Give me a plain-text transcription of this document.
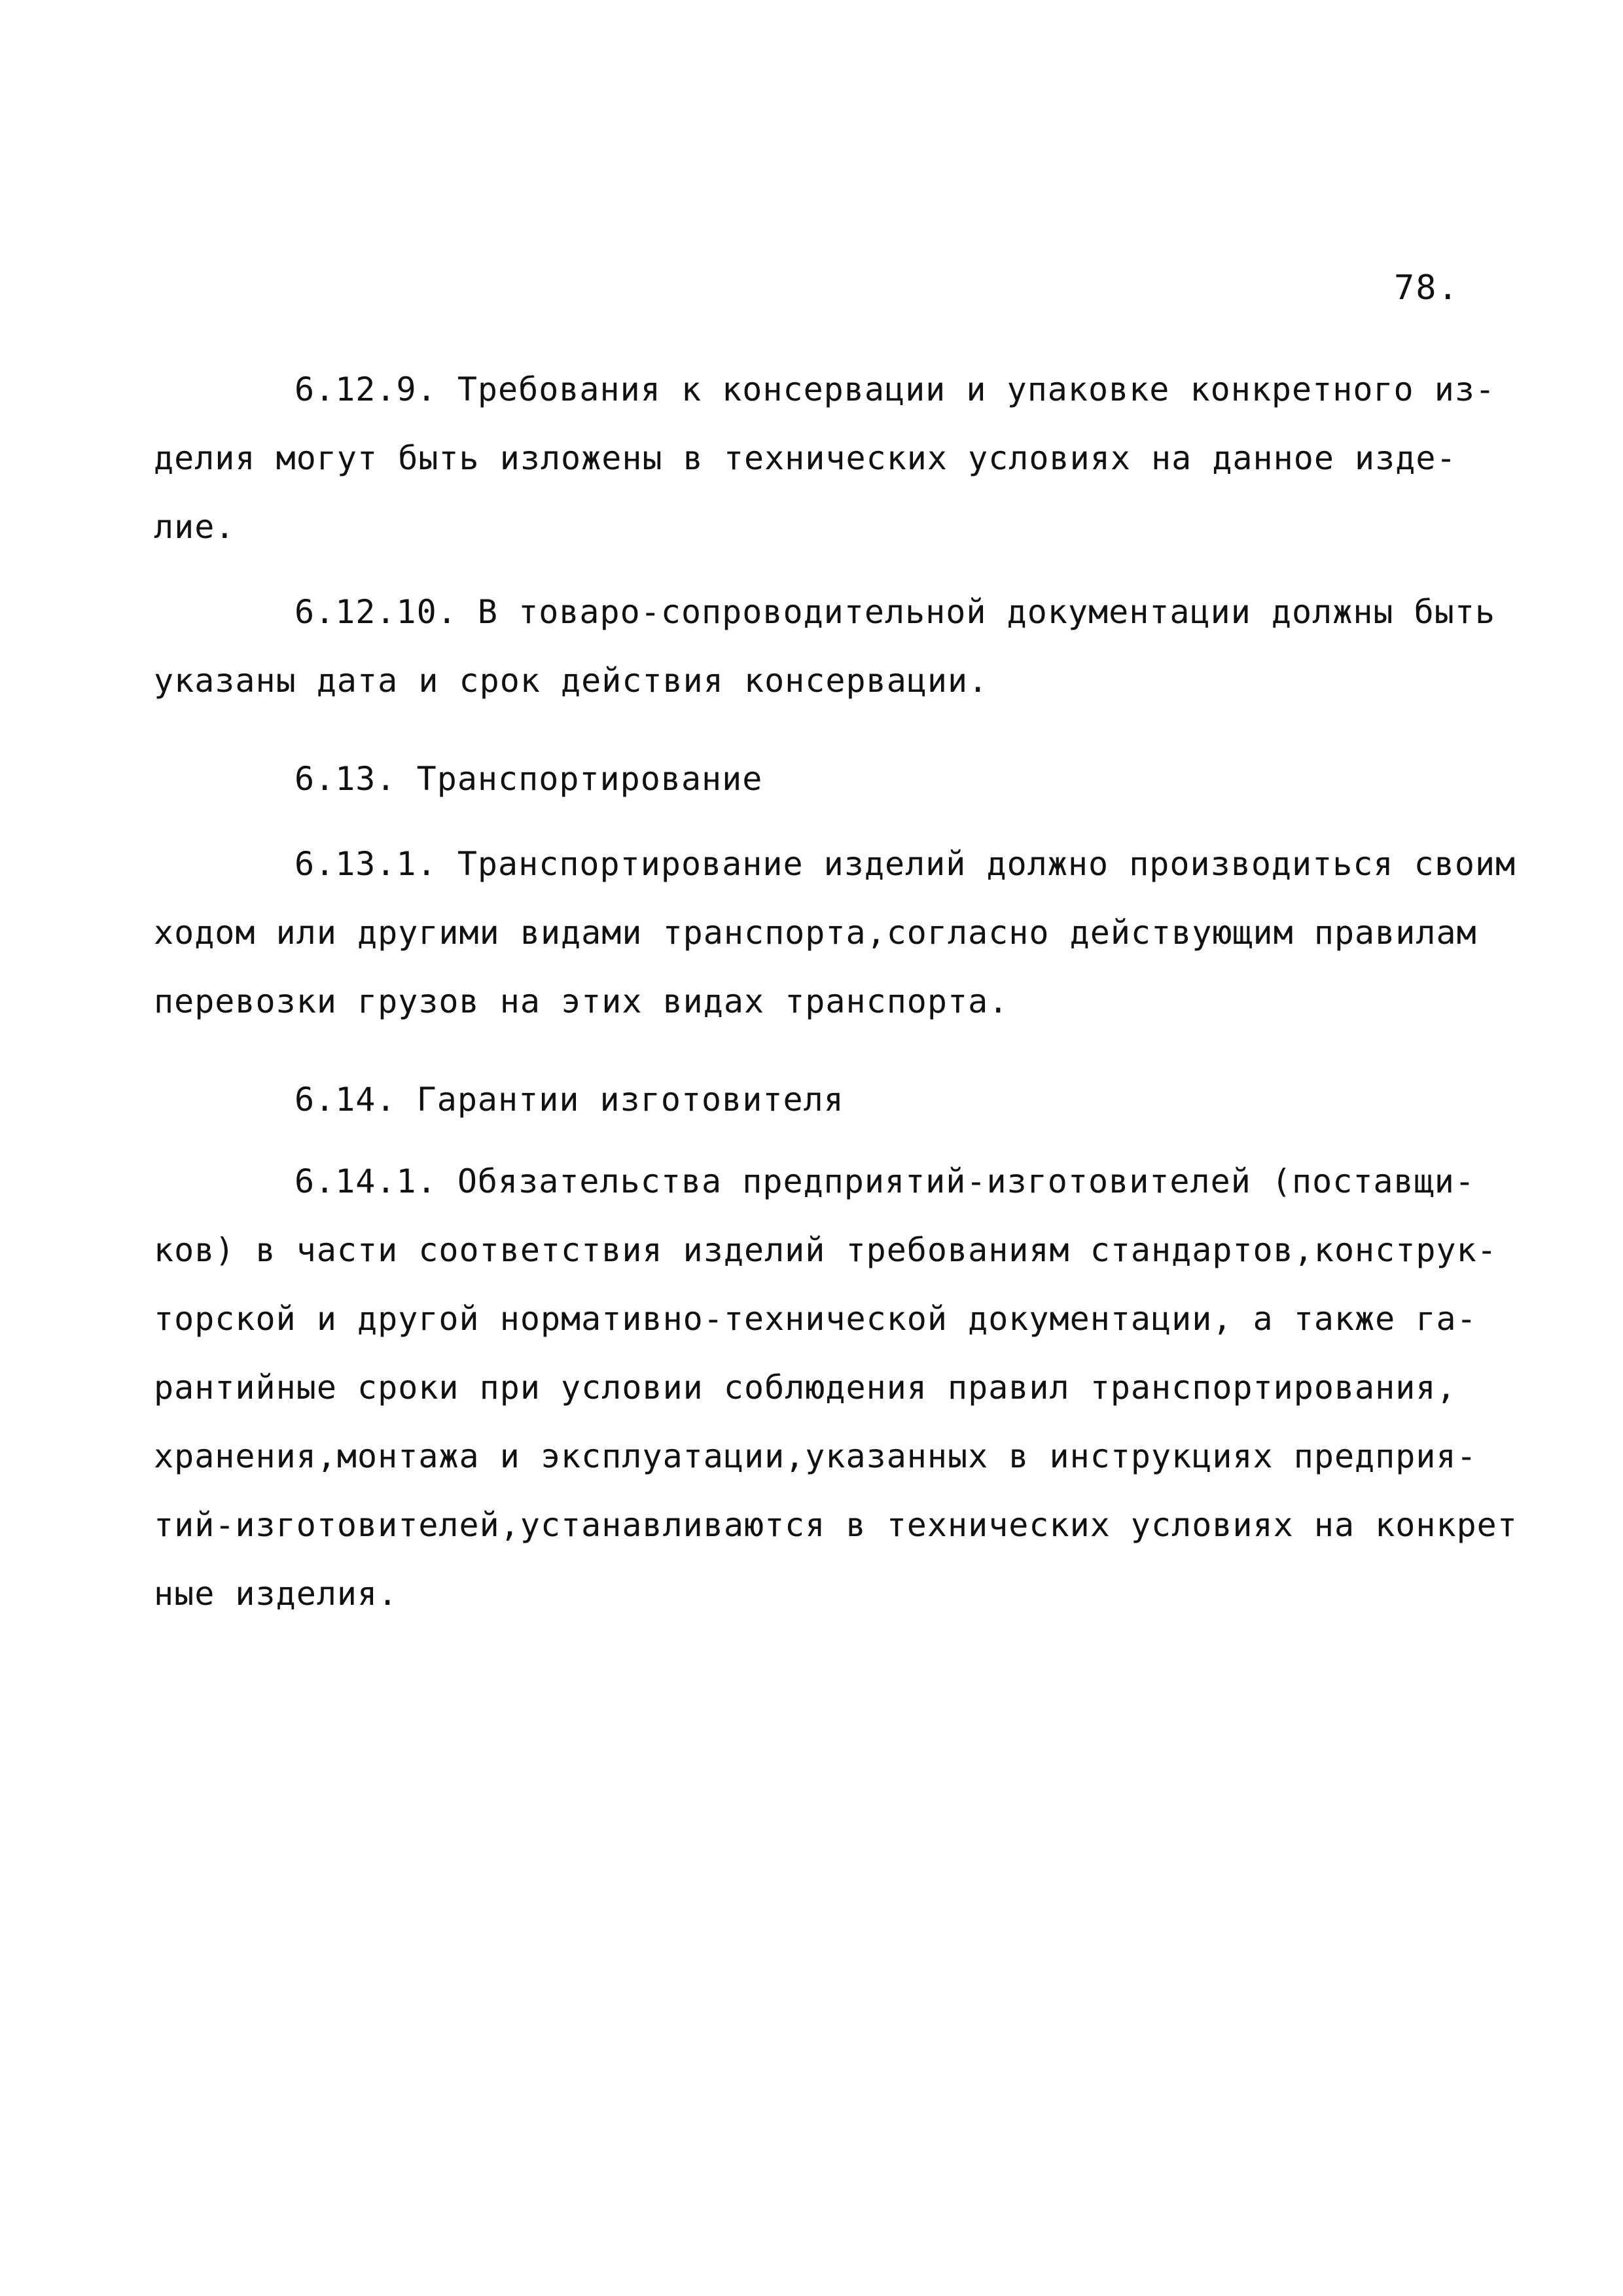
78.
6.12.9. Требования к консервации и упаковке конкретного из-
делия могут быть изложены в технических условиях на данное изде-
лие.
6.12.10. В товаро-сопроводительной документации должны быть
указаны дата и срок действия консервации.
6.13. Транспортирование
6.13.1. Транспортирование изделий должно производиться своим
ходом или другими видами транспорта,согласно действующим правилам
перевозки грузов на этих видах транспорта.
6.14. Гарантии изготовителя
6.14.1. Обязательства предприятий-изготовителей (поставщи-
ков) в части соответствия изделий требованиям стандартов,конструк-
торской и другой нормативно-технической документации, а также га-
рантийные сроки при условии соблюдения правил транспортирования,
хранения,монтажа и эксплуатации,указанных в инструкциях предприя-
тий-изготовителей,устанавливаются в технических условиях на конкрет
ные изделия.
